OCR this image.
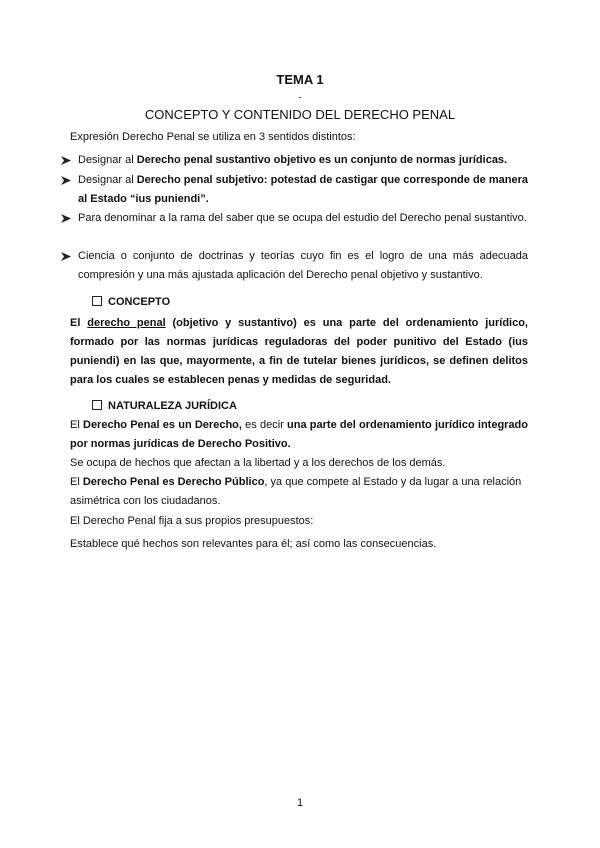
TEMA 1
-
CONCEPTO Y CONTENIDO DEL DERECHO PENAL

Expresión Derecho Penal se utiliza en 3 sentidos distintos:

Designar al Derecho penal sustantivo objetivo es un conjunto de normas jurídicas.
Designar al Derecho penal subjetivo: potestad de castigar que corresponde de manera al Estado “ius puniendi”.
Para denominar a la rama del saber que se ocupa del estudio del Derecho penal sustantivo.
Ciencia o conjunto de doctrinas y teorías cuyo fin es el logro de una más adecuada compresión y una más ajustada aplicación del Derecho penal objetivo y sustantivo.
CONCEPTO

El derecho penal (objetivo y sustantivo) es una parte del ordenamiento jurídico, formado por las normas jurídicas reguladoras del poder punitivo del Estado (ius puniendi) en las que, mayormente, a fin de tutelar bienes jurídicos, se definen delitos para los cuales se establecen penas y medidas de seguridad.

NATURALEZA JURÍDICA

El Derecho Penal es un Derecho, es decir una parte del ordenamiento jurídico integrado por normas jurídicas de Derecho Positivo.

Se ocupa de hechos que afectan a la libertad y a los derechos de los demás.

El Derecho Penal es Derecho Público, ya que compete al Estado y da lugar a una relación asimétrica con los ciudadanos.

El Derecho Penal fija a sus propios presupuestos:

Establece qué hechos son relevantes para él; así como las consecuencias.

1
